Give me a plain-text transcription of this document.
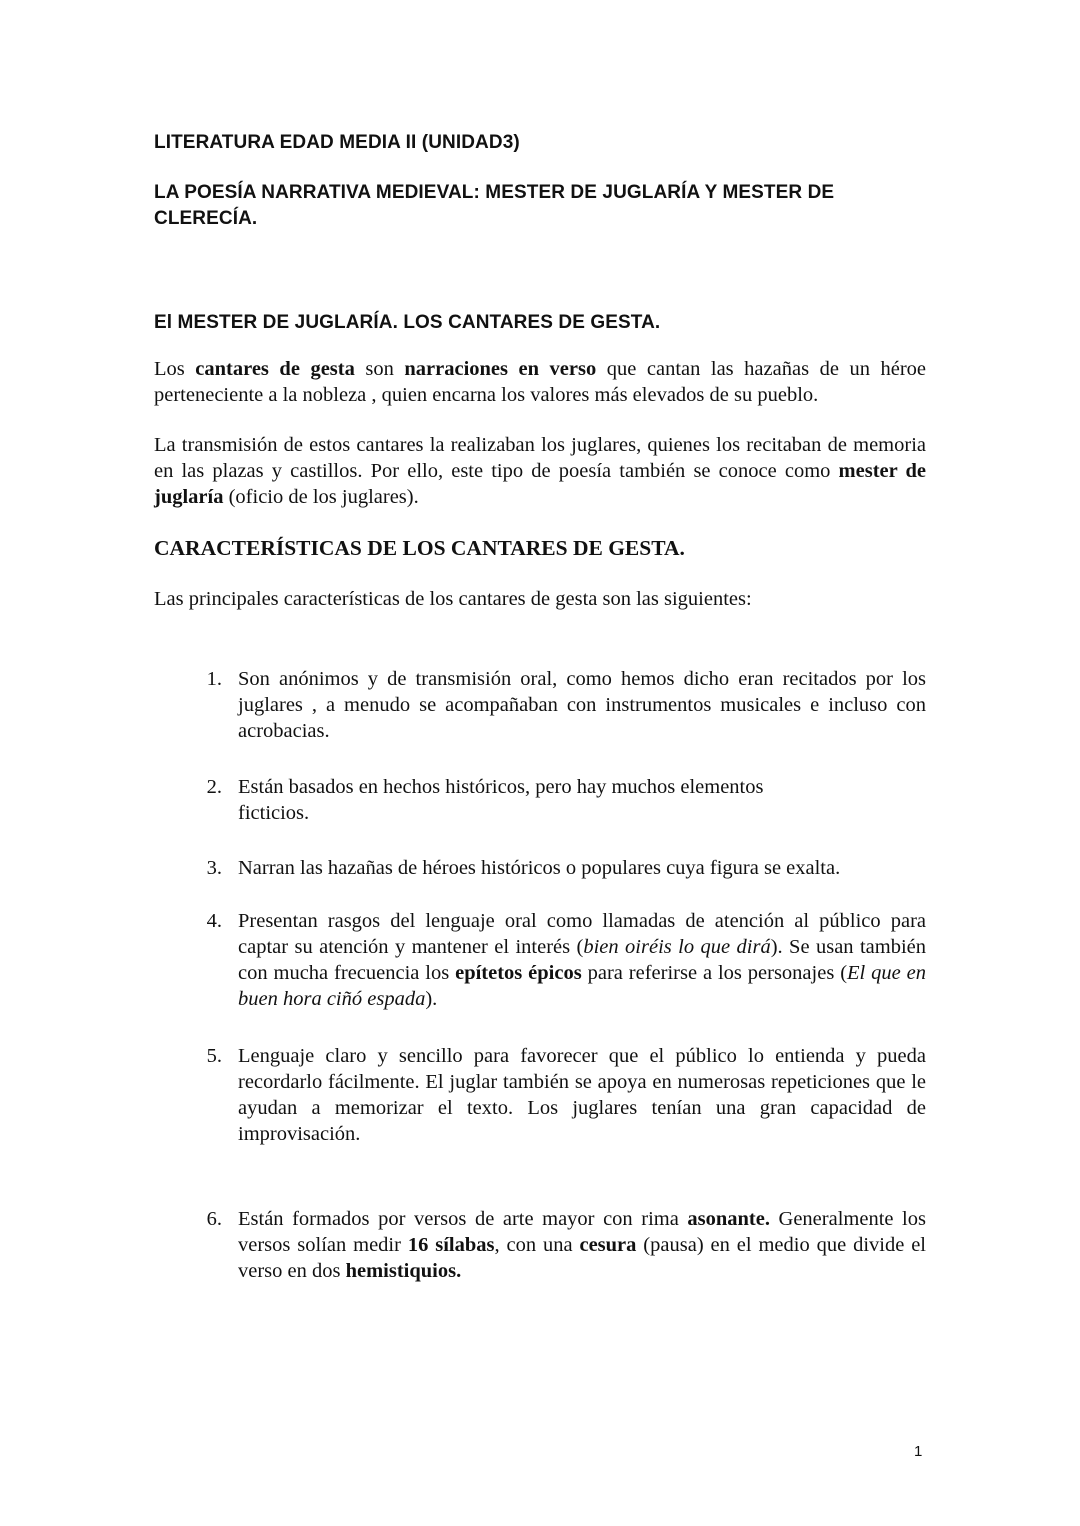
LITERATURA EDAD MEDIA II (UNIDAD3)
LA POESÍA NARRATIVA MEDIEVAL: MESTER DE JUGLARÍA Y MESTER DE CLERECÍA.
El MESTER DE JUGLARÍA. LOS CANTARES DE GESTA.
Los cantares de gesta son narraciones en verso que cantan las hazañas de un héroe perteneciente a la nobleza , quien encarna los valores más elevados de su pueblo.
La transmisión de estos cantares la realizaban los juglares, quienes los recitaban de memoria en las plazas y castillos. Por ello, este tipo de poesía también se conoce como mester de juglaría (oficio de los juglares).
CARACTERÍSTICAS DE LOS CANTARES DE GESTA.
Las principales características de los cantares de gesta son las siguientes:
1. Son anónimos y de transmisión oral, como hemos dicho eran recitados por los juglares , a menudo se acompañaban con instrumentos musicales e incluso con acrobacias.
2. Están basados en hechos históricos, pero hay muchos elementos
ficticios.
3. Narran las hazañas de héroes históricos o populares cuya figura se exalta.
4. Presentan rasgos del lenguaje oral como llamadas de atención al público para captar su atención y mantener el interés (bien oiréis lo que dirá). Se usan también con mucha frecuencia los epítetos épicos para referirse a los personajes (El que en buen hora ciñó espada).
5. Lenguaje claro y sencillo para favorecer que el público lo entienda y pueda recordarlo fácilmente. El juglar también se apoya en numerosas repeticiones que le ayudan a memorizar el texto. Los juglares tenían una gran capacidad de improvisación.
6. Están formados por versos de arte mayor con rima asonante. Generalmente los versos solían medir 16 sílabas, con una cesura (pausa) en el medio que divide el verso en dos hemistiquios.
1
